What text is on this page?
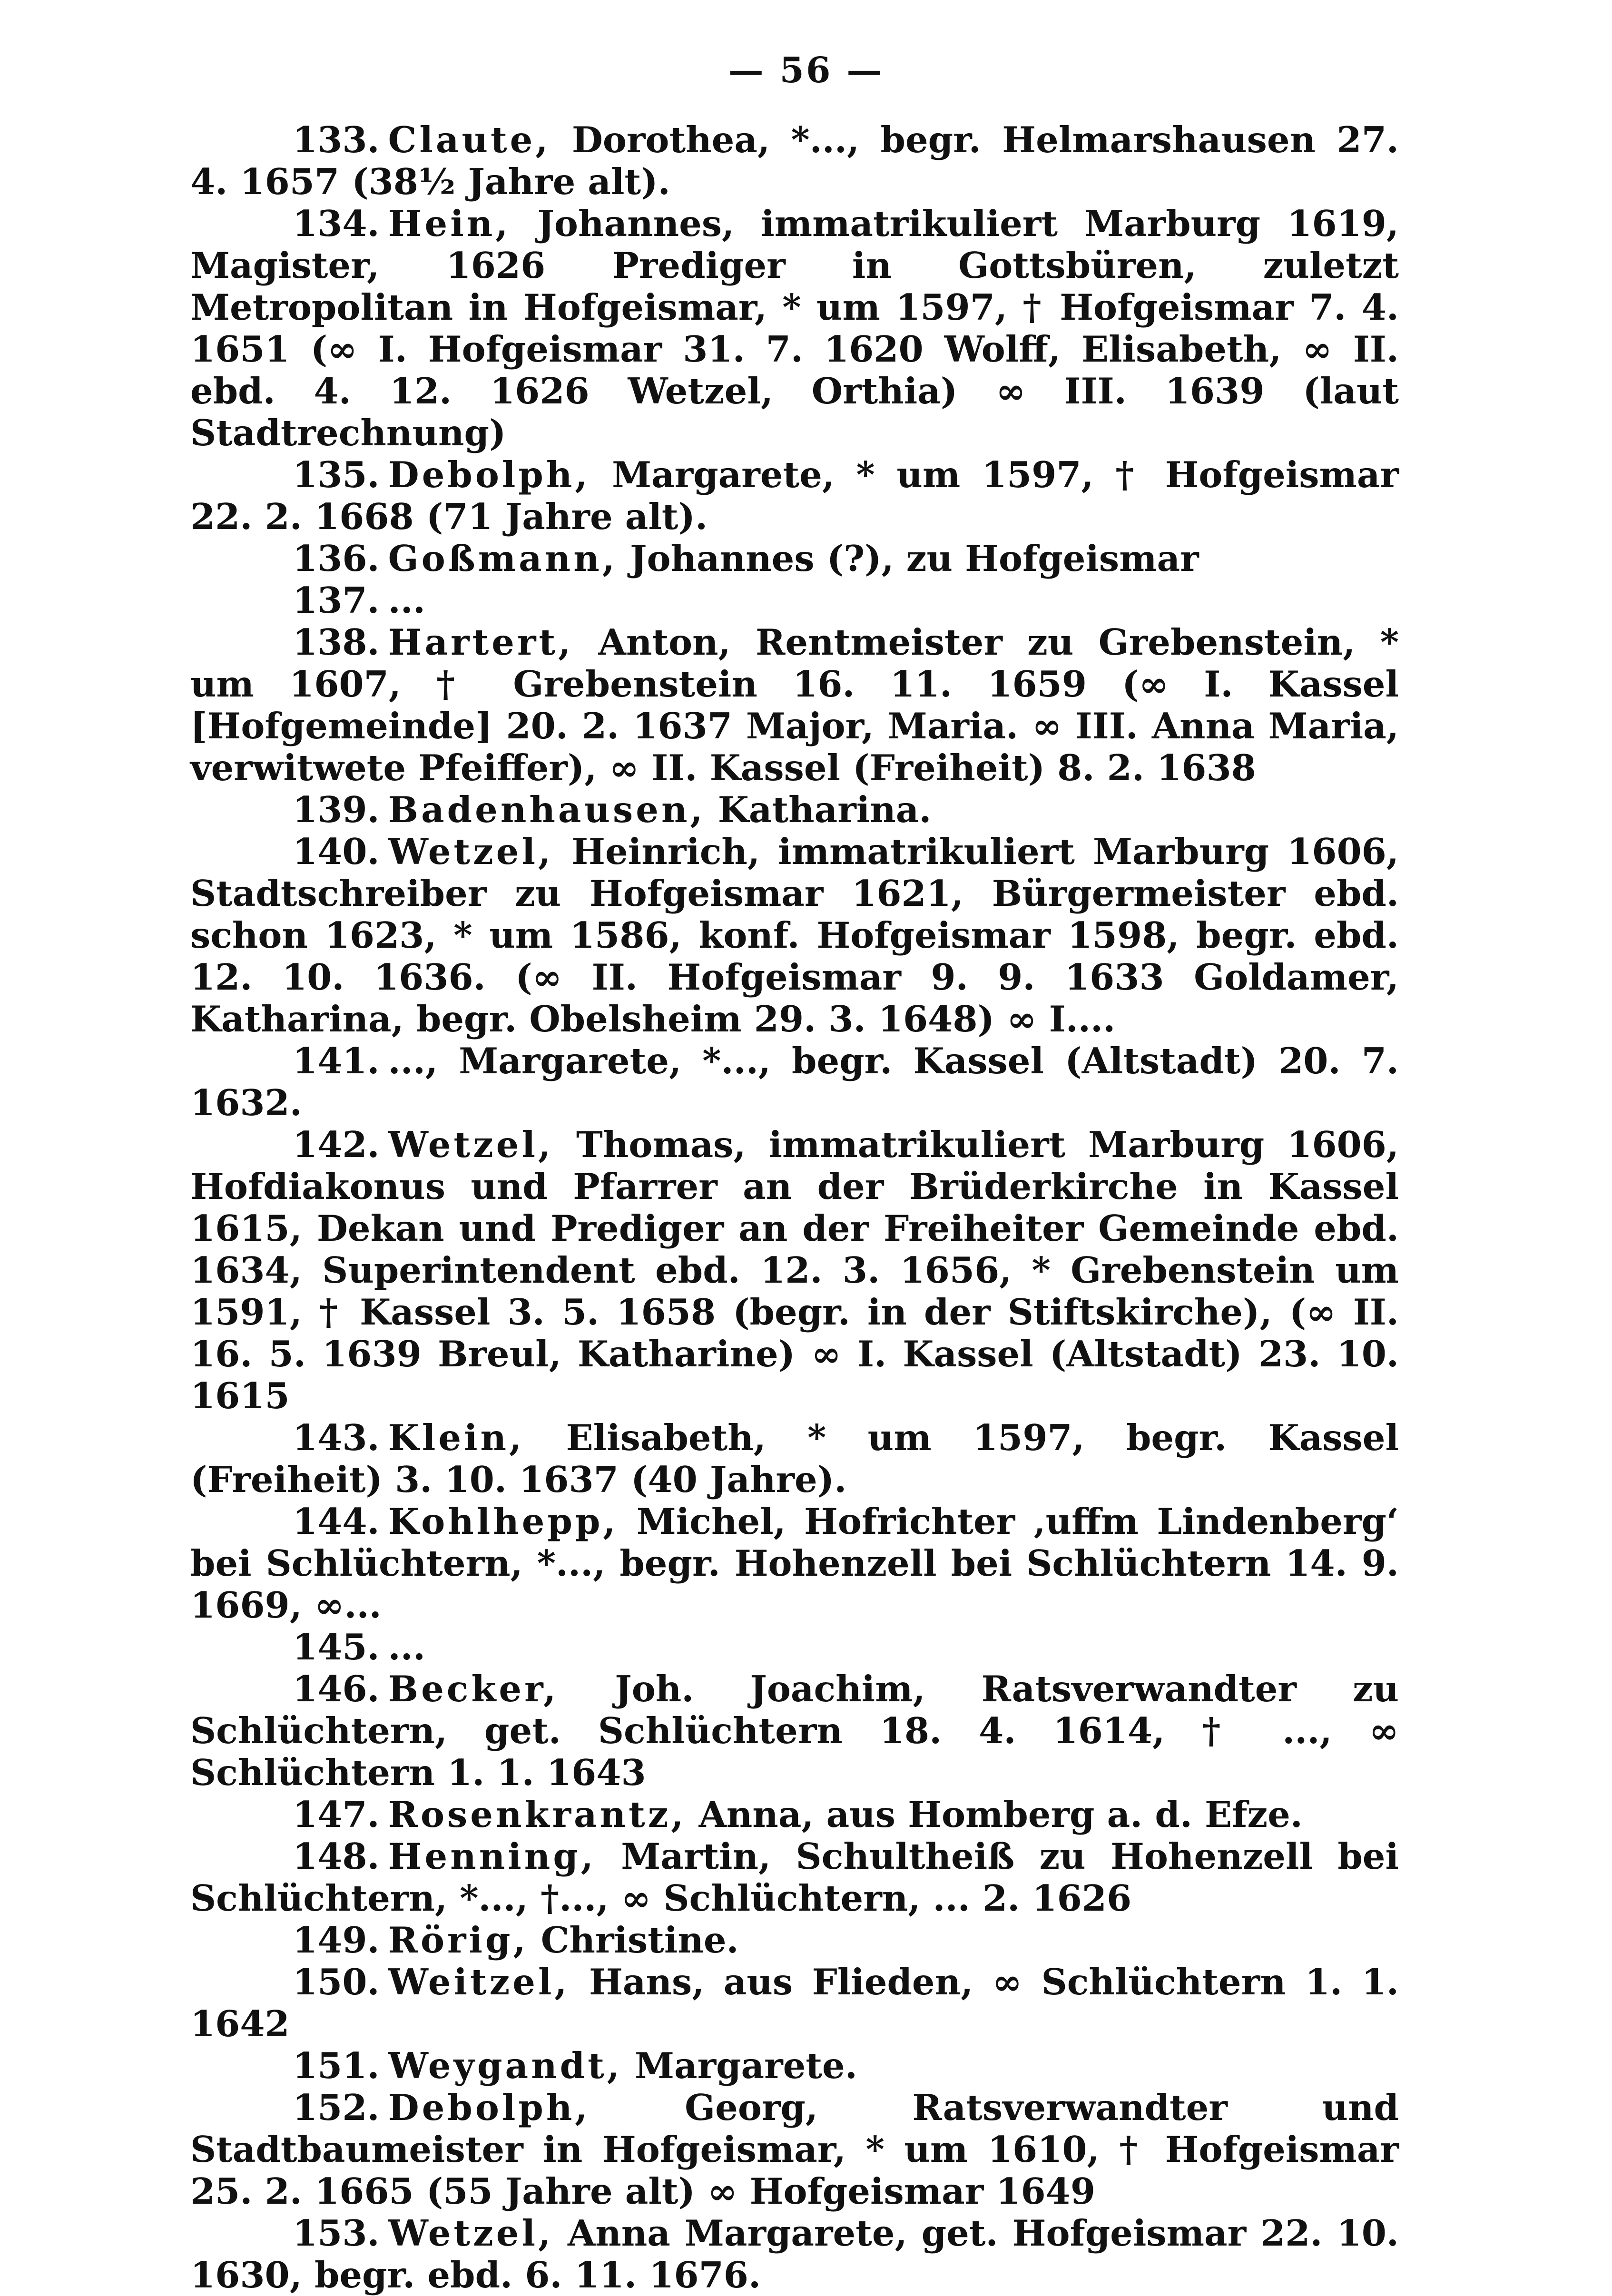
— 56 —

133. Claute, Dorothea, *..., begr. Helmarshausen 27. 4. 1657 (38½ Jahre alt).

134. Hein, Johannes, immatrikuliert Marburg 1619, Magister, 1626 Prediger in Gottsbüren, zuletzt Metropolitan in Hofgeismar, * um 1597, † Hofgeismar 7. 4. 1651 (∞ I. Hofgeismar 31. 7. 1620 Wolff, Elisabeth, ∞ II. ebd. 4. 12. 1626 Wetzel, Orthia) ∞ III. 1639 (laut Stadtrechnung)

135. Debolph, Margarete, * um 1597, † Hofgeismar 22. 2. 1668 (71 Jahre alt).

136. Goßmann, Johannes (?), zu Hofgeismar

137. ...

138. Hartert, Anton, Rentmeister zu Grebenstein, * um 1607, † Grebenstein 16. 11. 1659 (∞ I. Kassel [Hofgemeinde] 20. 2. 1637 Major, Maria. ∞ III. Anna Maria, verwitwete Pfeiffer), ∞ II. Kassel (Freiheit) 8. 2. 1638

139. Badenhausen, Katharina.

140. Wetzel, Heinrich, immatrikuliert Marburg 1606, Stadtschreiber zu Hofgeismar 1621, Bürgermeister ebd. schon 1623, * um 1586, konf. Hofgeismar 1598, begr. ebd. 12. 10. 1636. (∞ II. Hofgeismar 9. 9. 1633 Goldamer, Katharina, begr. Obelsheim 29. 3. 1648) ∞ I....

141. ..., Margarete, *..., begr. Kassel (Altstadt) 20. 7. 1632.

142. Wetzel, Thomas, immatrikuliert Marburg 1606, Hofdiakonus und Pfarrer an der Brüderkirche in Kassel 1615, Dekan und Prediger an der Freiheiter Gemeinde ebd. 1634, Superintendent ebd. 12. 3. 1656, * Grebenstein um 1591, † Kassel 3. 5. 1658 (begr. in der Stiftskirche), (∞ II. 16. 5. 1639 Breul, Katharine) ∞ I. Kassel (Altstadt) 23. 10. 1615

143. Klein, Elisabeth, * um 1597, begr. Kassel (Freiheit) 3. 10. 1637 (40 Jahre).

144. Kohlhepp, Michel, Hofrichter ‚uffm Lindenberg‘ bei Schlüchtern, *..., begr. Hohenzell bei Schlüchtern 14. 9. 1669, ∞...

145. ...

146. Becker, Joh. Joachim, Ratsverwandter zu Schlüchtern, get. Schlüchtern 18. 4. 1614, † ..., ∞ Schlüchtern 1. 1. 1643

147. Rosenkrantz, Anna, aus Homberg a. d. Efze.

148. Henning, Martin, Schultheiß zu Hohenzell bei Schlüchtern, *..., †..., ∞ Schlüchtern, ... 2. 1626

149. Rörig, Christine.

150. Weitzel, Hans, aus Flieden, ∞ Schlüchtern 1. 1. 1642

151. Weygandt, Margarete.

152. Debolph,	Georg, Ratsverwandter und Stadtbaumeister in Hofgeismar, * um 1610, † Hofgeismar 25. 2. 1665 (55 Jahre alt) ∞ Hofgeismar 1649

153. Wetzel, Anna Margarete, get. Hofgeismar 22. 10. 1630, begr. ebd. 6. 11. 1676.
